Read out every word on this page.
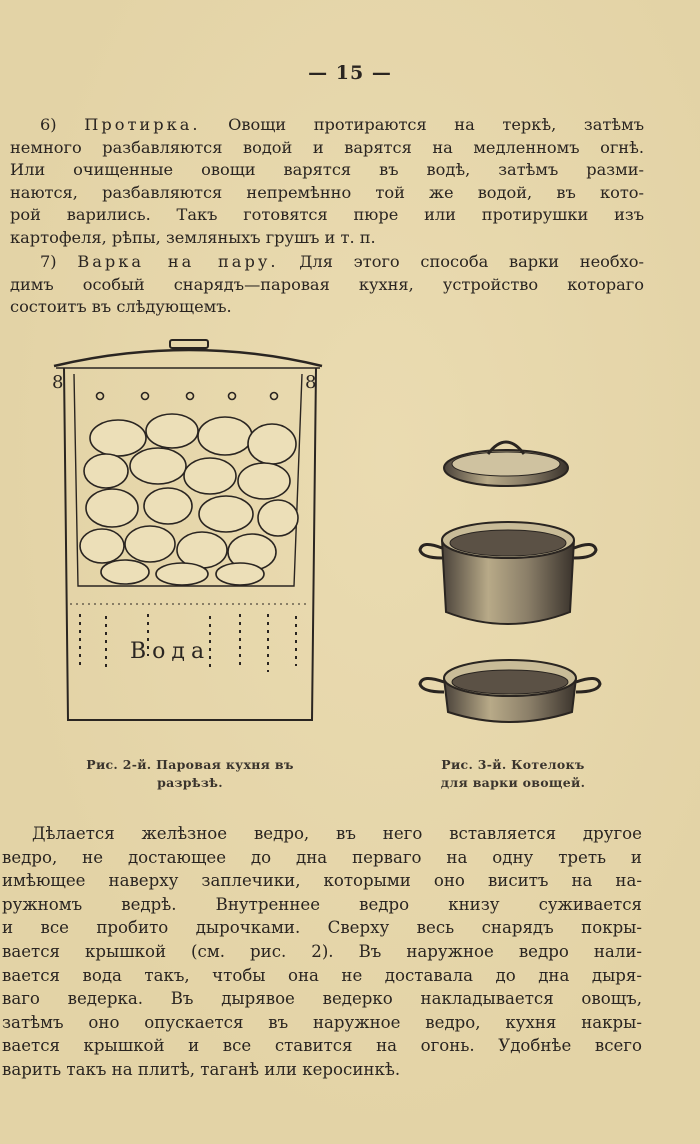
— 15 —
6) Протирка. Овощи протираются на теркѣ, затѣмъ
немного разбавляются водой и варятся на медленномъ огнѣ.
Или очищенные овощи варятся въ водѣ, затѣмъ разми-
наются, разбавляются непремѣнно той же водой, въ кото-
рой варились. Такъ готовятся пюре или протирушки изъ
картофеля, рѣпы, земляныхъ грушъ и т. п.
7) Варка на пару. Для этого способа варки необхо-
димъ особый снарядъ—паровая кухня, устройство котораго
состоитъ въ слѣдующемъ.
8	8
Вода
Рис. 2-й. Паровая кухня въ
разрѣзѣ.
Рис. 3-й. Котелокъ
для варки овощей.
Дѣлается желѣзное ведро, въ него вставляется другое
ведро, не достающее до дна перваго на одну треть и
имѣющее наверху заплечики, которыми оно виситъ на на-
ружномъ ведрѣ. Внутреннее ведро книзу суживается
и все пробито дырочками. Сверху весь снарядъ покры-
вается крышкой (см. рис. 2). Въ наружное ведро нали-
вается вода такъ, чтобы она не доставала до дна дыря-
ваго ведерка. Въ дырявое ведерко накладывается овощъ,
затѣмъ оно опускается въ наружное ведро, кухня накры-
вается крышкой и все ставится на огонь. Удобнѣе всего
варить такъ на плитѣ, таганѣ или керосинкѣ.
